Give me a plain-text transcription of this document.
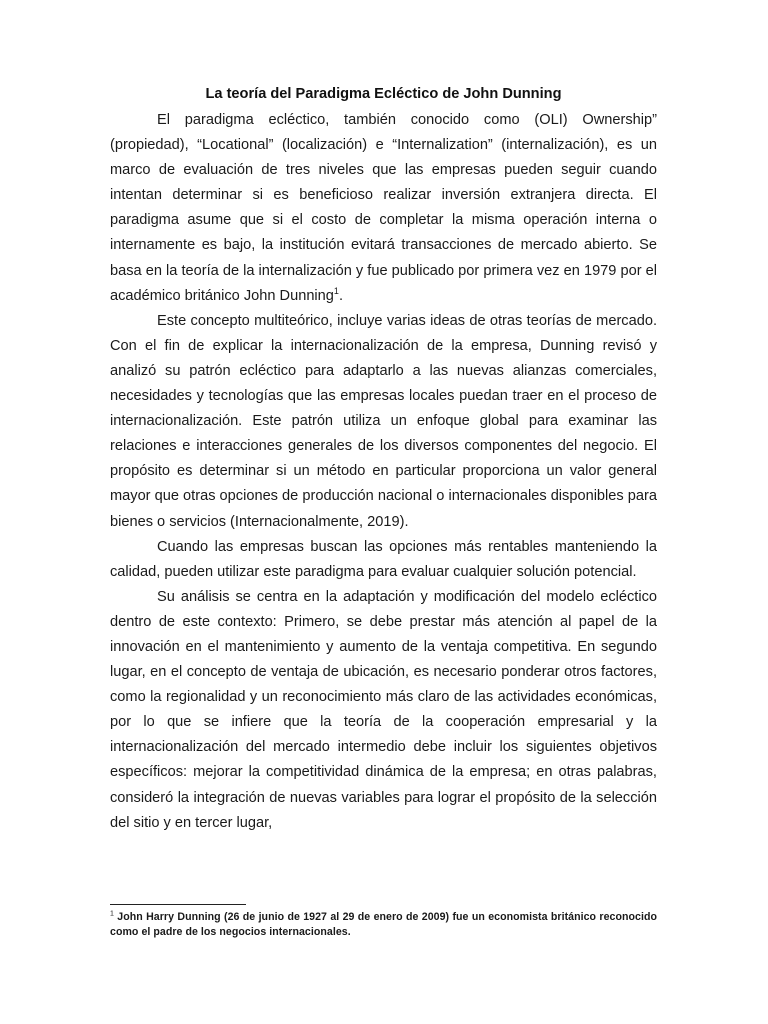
La teoría del Paradigma Ecléctico de John Dunning

El paradigma ecléctico, también conocido como (OLI) Ownership” (propiedad), “Locational” (localización) e “Internalization” (internalización), es un marco de evaluación de tres niveles que las empresas pueden seguir cuando intentan determinar si es beneficioso realizar inversión extranjera directa. El paradigma asume que si el costo de completar la misma operación interna o internamente es bajo, la institución evitará transacciones de mercado abierto. Se basa en la teoría de la internalización y fue publicado por primera vez en 1979 por el académico británico John Dunning$^1$.

Este concepto multiteórico, incluye varias ideas de otras teorías de mercado. Con el fin de explicar la internacionalización de la empresa, Dunning revisó y analizó su patrón ecléctico para adaptarlo a las nuevas alianzas comerciales, necesidades y tecnologías que las empresas locales puedan traer en el proceso de internacionalización. Este patrón utiliza un enfoque global para examinar las relaciones e interacciones generales de los diversos componentes del negocio. El propósito es determinar si un método en particular proporciona un valor general mayor que otras opciones de producción nacional o internacionales disponibles para bienes o servicios (Internacionalmente, 2019).

Cuando las empresas buscan las opciones más rentables manteniendo la calidad, pueden utilizar este paradigma para evaluar cualquier solución potencial.

Su análisis se centra en la adaptación y modificación del modelo ecléctico dentro de este contexto: Primero, se debe prestar más atención al papel de la innovación en el mantenimiento y aumento de la ventaja competitiva. En segundo lugar, en el concepto de ventaja de ubicación, es necesario ponderar otros factores, como la regionalidad y un reconocimiento más claro de las actividades económicas, por lo que se infiere que la teoría de la cooperación empresarial y la internacionalización del mercado intermedio debe incluir los siguientes objetivos específicos: mejorar la competitividad dinámica de la empresa; en otras palabras, consideró la integración de nuevas variables para lograr el propósito de la selección del sitio y en tercer lugar,

$^1$ John Harry Dunning (26 de junio de 1927 al 29 de enero de 2009) fue un economista británico reconocido como el padre de los negocios internacionales.
